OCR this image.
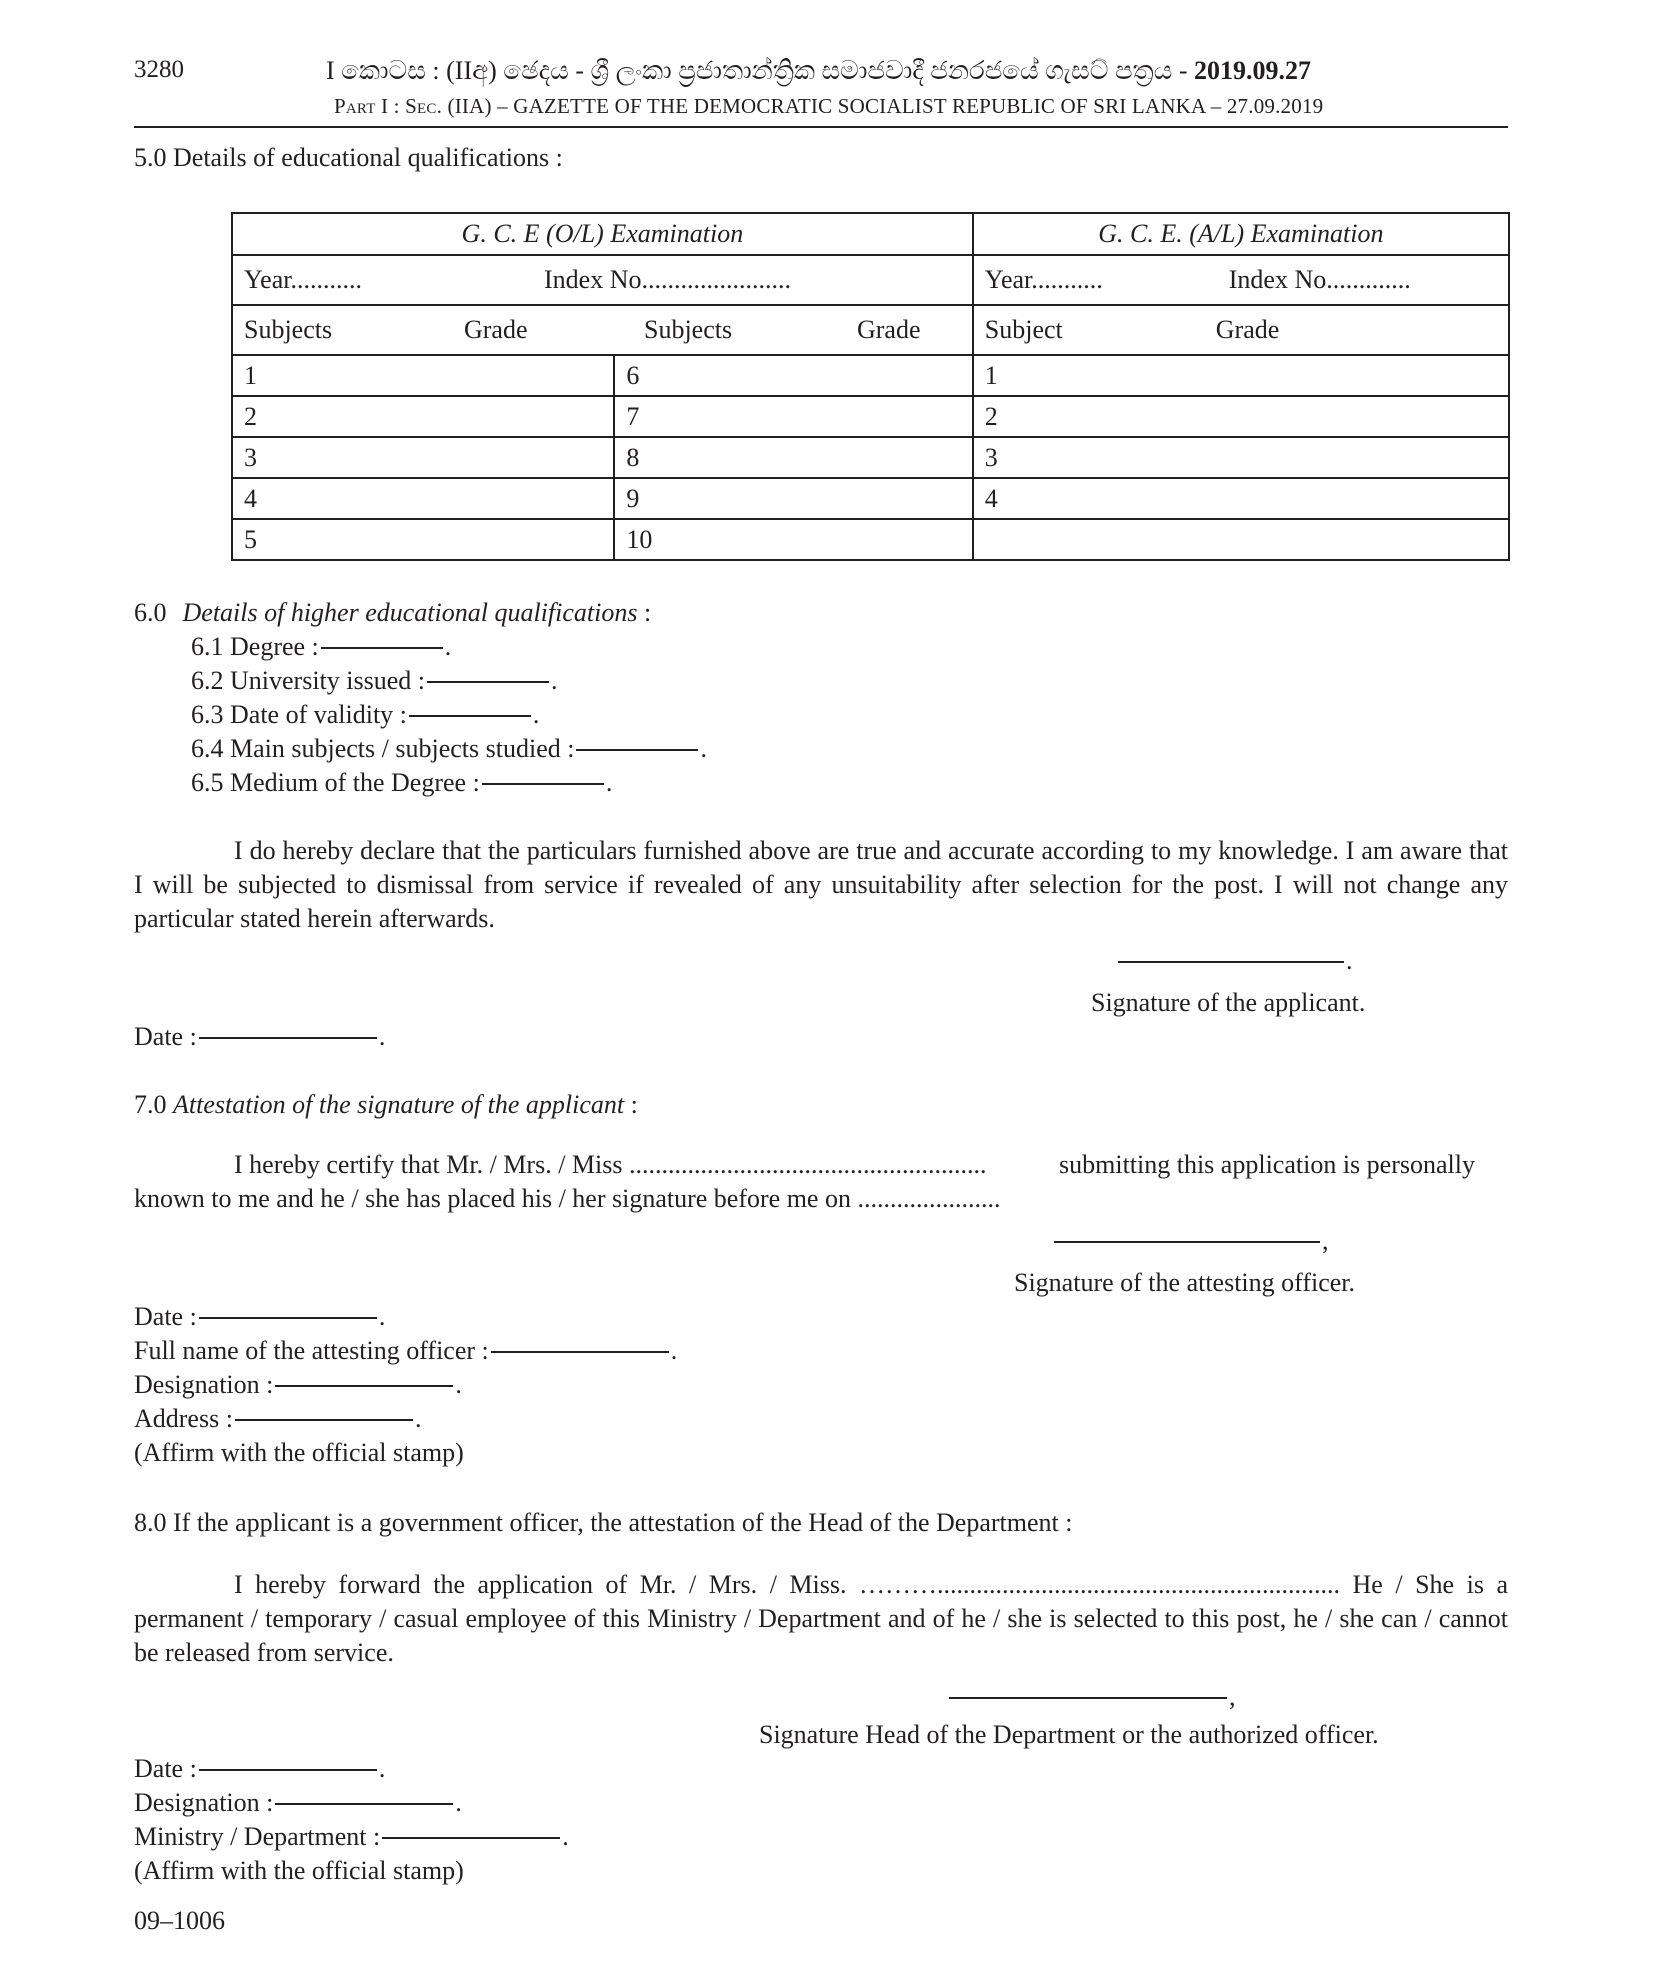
3280	I කොටස : (IIඅ) ඡෙදය - ශ්‍රී ලංකා ප්‍රජාතාන්ත්‍රික සමාජවාදී ජනරජයේ ගැසට් පත්‍රය - 2019.09.27
Part I : Sec. (IIA) – GAZETTE OF THE DEMOCRATIC SOCIALIST REPUBLIC OF SRI LANKA – 27.09.2019
5.0 Details of educational qualifications :
G. C. E (O/L) Examination		G. C. E. (A/L) Examination
Year........... Index No.......................		Year........... Index No.............
Subjects Grade Subjects Grade		Subject Grade
1	6	1
2	7	2
3	8	3
4	9	4
5	10	
6.0 Details of higher educational qualifications :
6.1 Degree :	.
6.2 University issued :	.
6.3 Date of validity :	.
6.4 Main subjects / subjects studied :	.
6.5 Medium of the Degree :	.
I do hereby declare that the particulars furnished above are true and accurate according to my knowledge. I am aware that I will be subjected to dismissal from service if revealed of any unsuitability after selection for the post. I will not change any particular stated herein afterwards.
.
Signature of the applicant.
Date :	.
7.0 Attestation of the signature of the applicant :
I hereby certify that Mr. / Mrs. / Miss .......................................................	submitting this application is personally
known to me and he / she has placed his / her signature before me on ......................
,
Signature of the attesting officer.
Date :	.
Full name of the attesting officer :	.
Designation :	.
Address :	.
(Affirm with the official stamp)
8.0 If the applicant is a government officer, the attestation of the Head of the Department :
I hereby forward the application of Mr. / Mrs. / Miss. ……….............................................................. He / She is a permanent / temporary / casual employee of this Ministry / Department and of he / she is selected to this post, he / she can / cannot be released from service.
,
Signature Head of the Department or the authorized officer.
Date :	.
Designation :	.
Ministry / Department :	.
(Affirm with the official stamp)
09–1006
